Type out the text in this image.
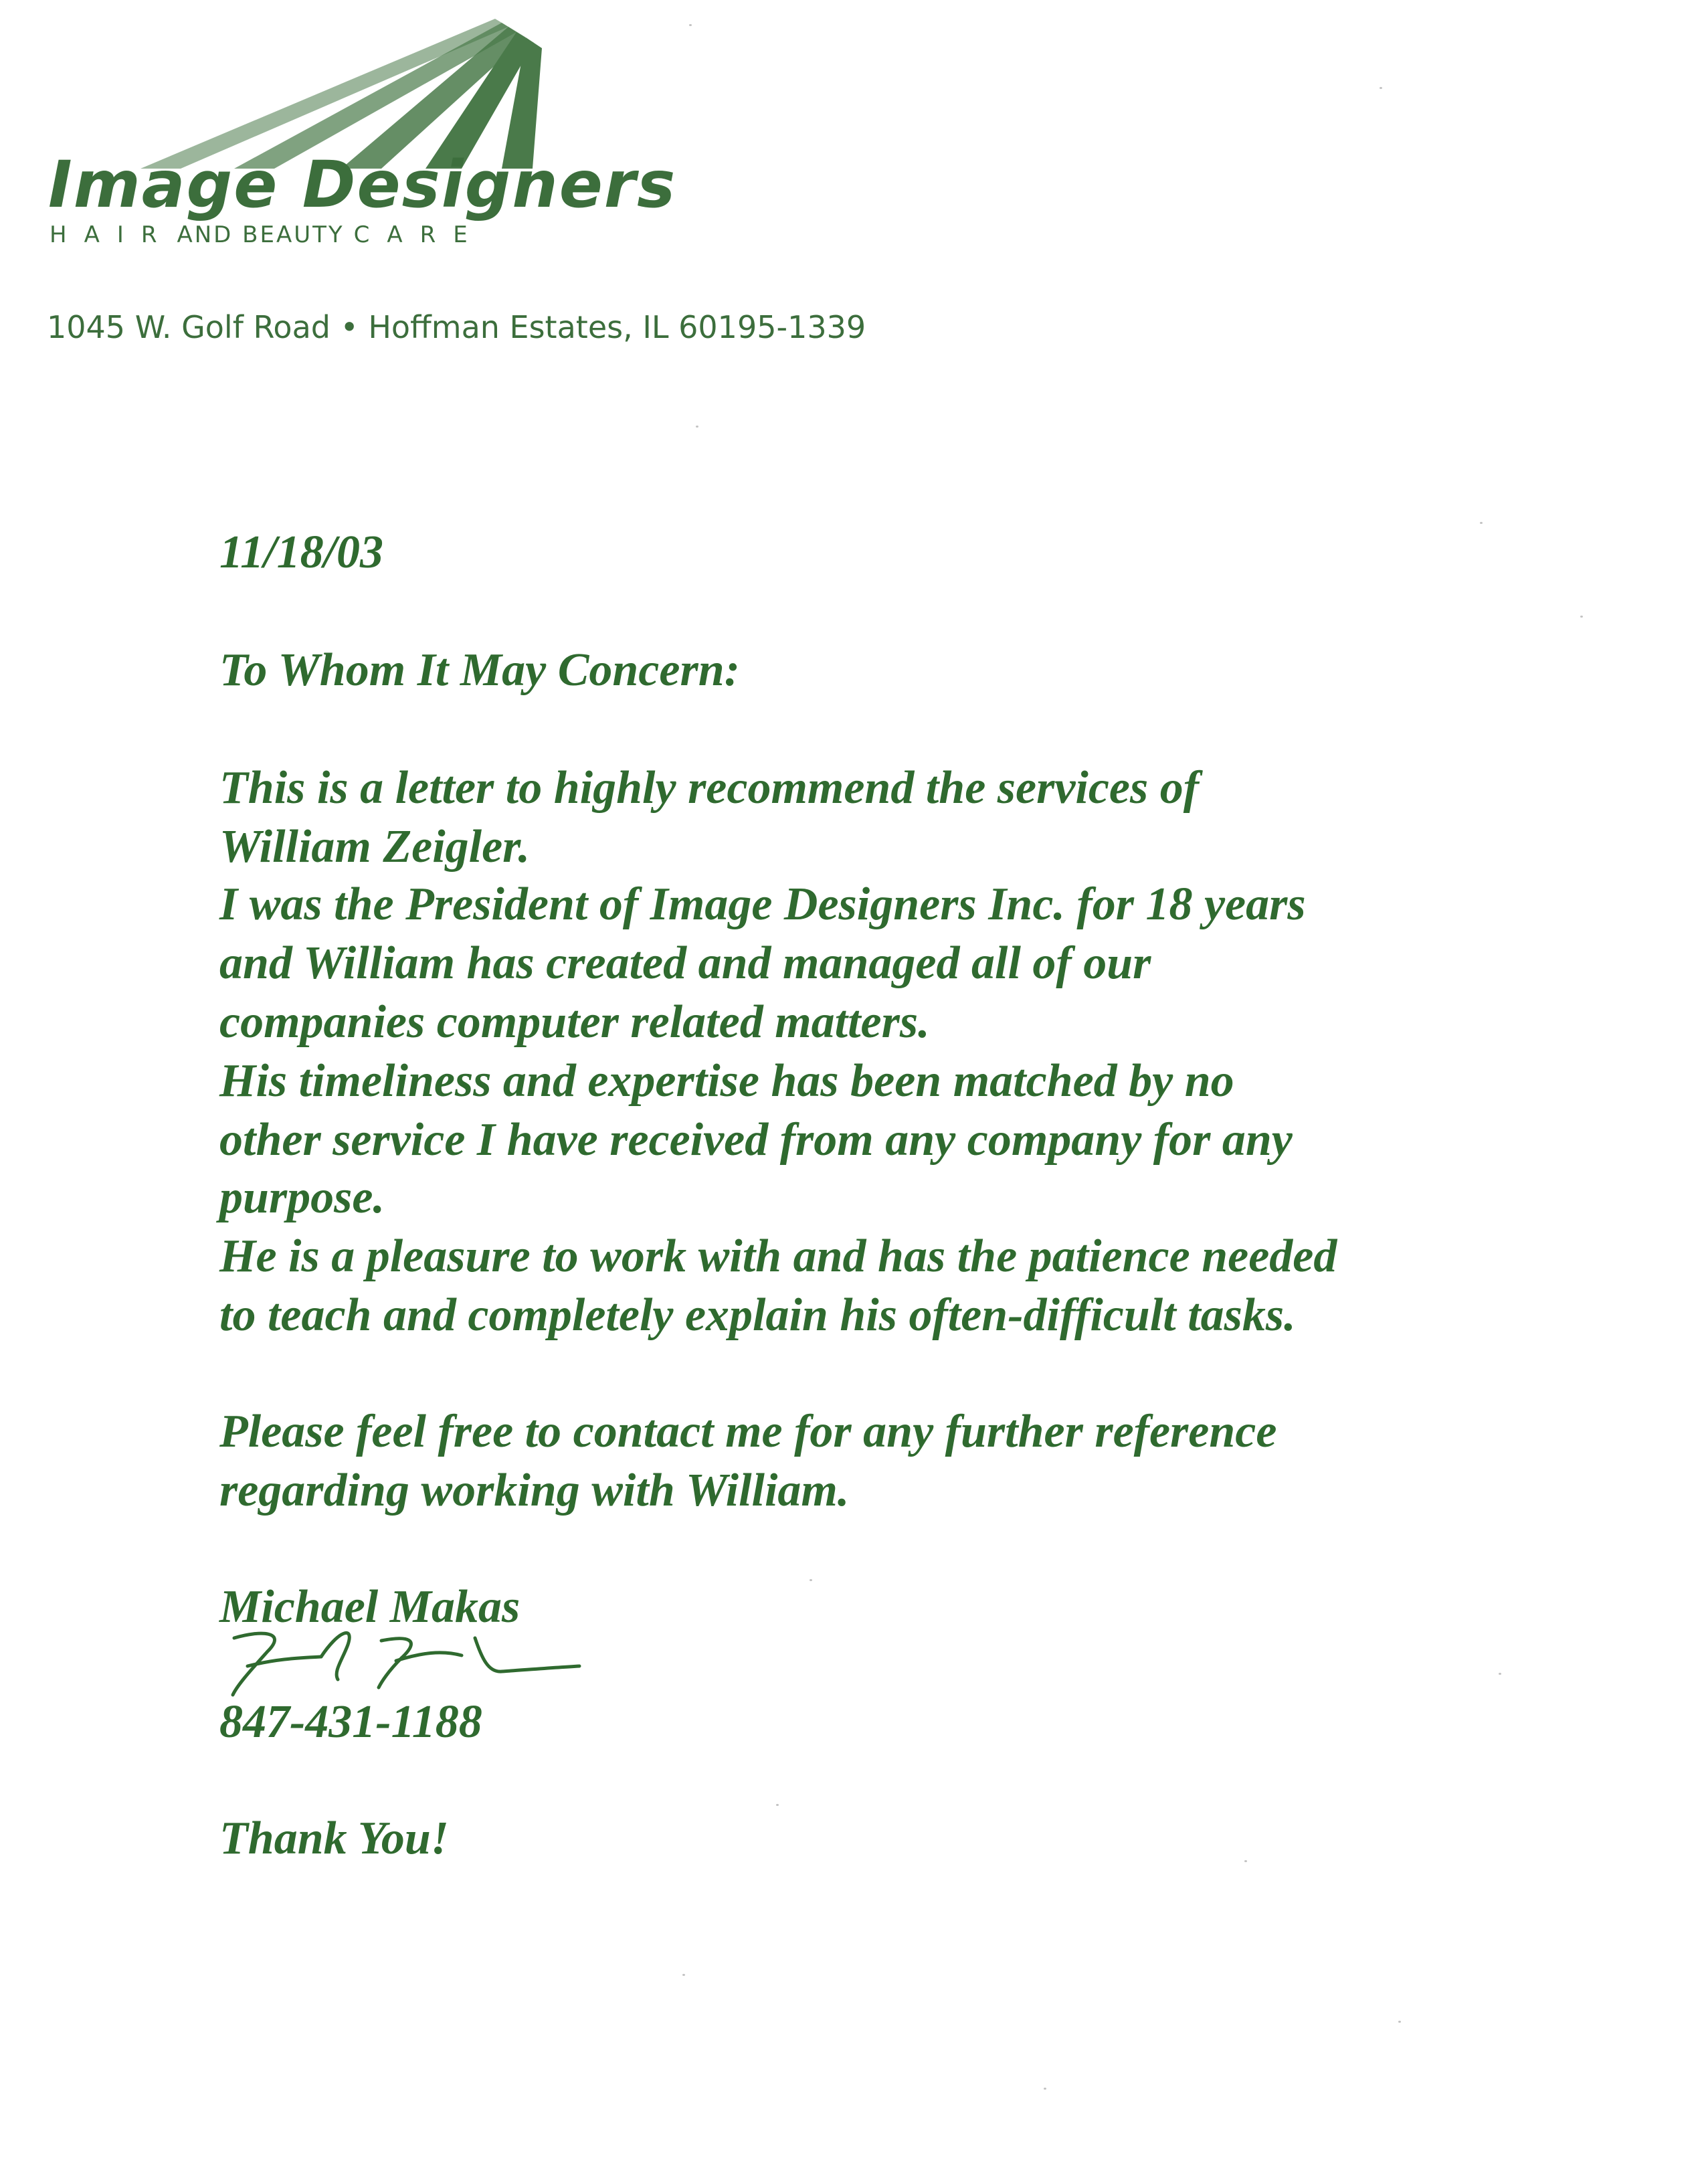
Image Designers
HAIR AND BEAUTY CARE
1045 W. Golf Road • Hoffman Estates, IL 60195-1339
11/18/03
To Whom It May Concern:
This is a letter to highly recommend the services of
William Zeigler.
I was the President of Image Designers Inc. for 18 years
and William has created and managed all of our
companies computer related matters.
His timeliness and expertise has been matched by no
other service I have received from any company for any
purpose.
He is a pleasure to work with and has the patience needed
to teach and completely explain his often-difficult tasks.
Please feel free to contact me for any further reference
regarding working with William.
Michael Makas
847-431-1188
Thank You!
